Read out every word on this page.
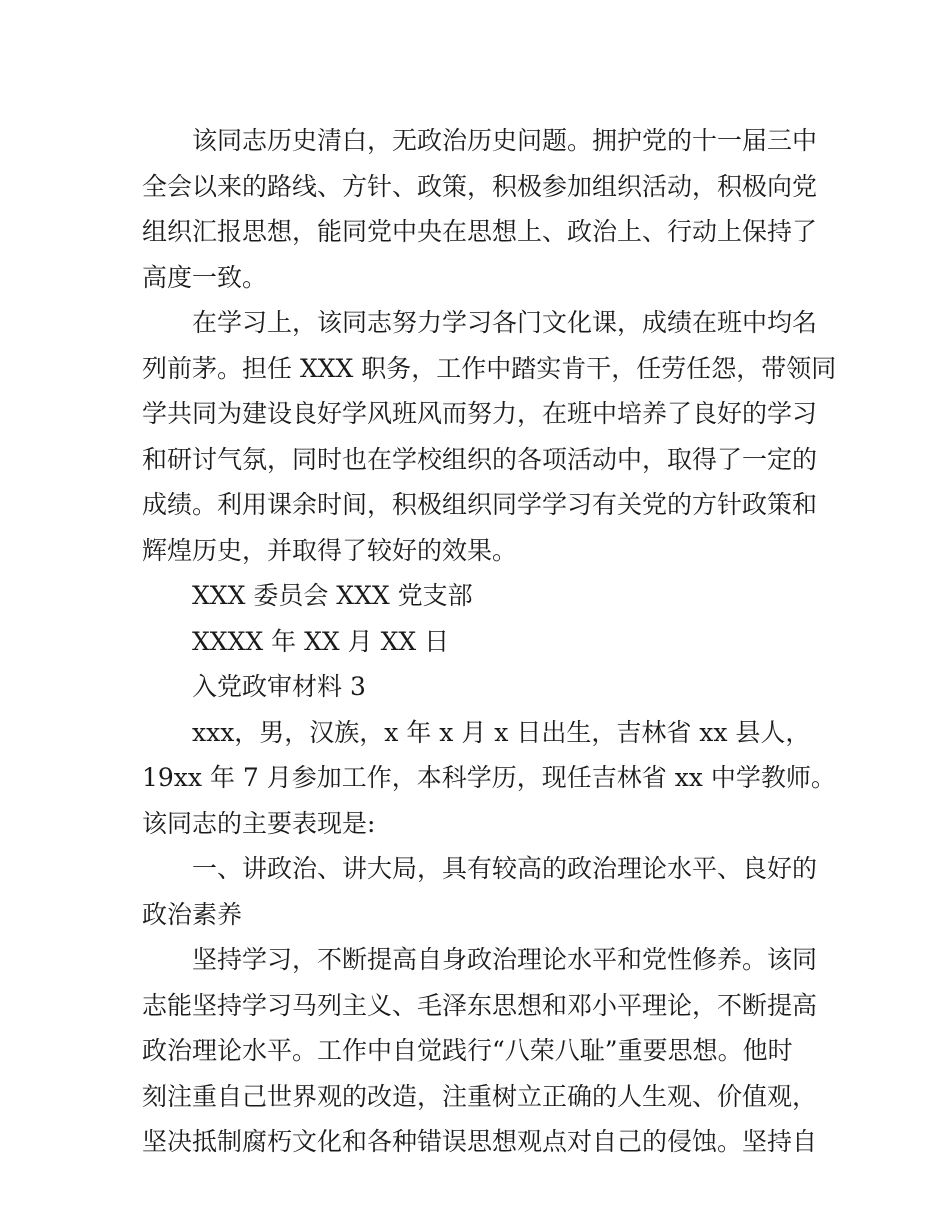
该同志历史清白，无政治历史问题。拥护党的十一届三中
全会以来的路线、方针、政策，积极参加组织活动，积极向党
组织汇报思想，能同党中央在思想上、政治上、行动上保持了
高度一致。
在学习上，该同志努力学习各门文化课，成绩在班中均名
列前茅。担任 XXX 职务，工作中踏实肯干，任劳任怨，带领同
学共同为建设良好学风班风而努力，在班中培养了良好的学习
和研讨气氛，同时也在学校组织的各项活动中，取得了一定的
成绩。利用课余时间，积极组织同学学习有关党的方针政策和
辉煌历史，并取得了较好的效果。
XXX 委员会 XXX 党支部
XXXX 年 XX 月 XX 日
入党政审材料 3
xxx，男，汉族，x 年 x 月 x 日出生，吉林省 xx 县人，
19xx 年 7 月参加工作，本科学历，现任吉林省 xx 中学教师。
该同志的主要表现是:
一、讲政治、讲大局，具有较高的政治理论水平、良好的
政治素养
坚持学习，不断提高自身政治理论水平和党性修养。该同
志能坚持学习马列主义、毛泽东思想和邓小平理论，不断提高
政治理论水平。工作中自觉践行“八荣八耻”重要思想。他时
刻注重自己世界观的改造，注重树立正确的人生观、价值观，
坚决抵制腐朽文化和各种错误思想观点对自己的侵蚀。坚持自
